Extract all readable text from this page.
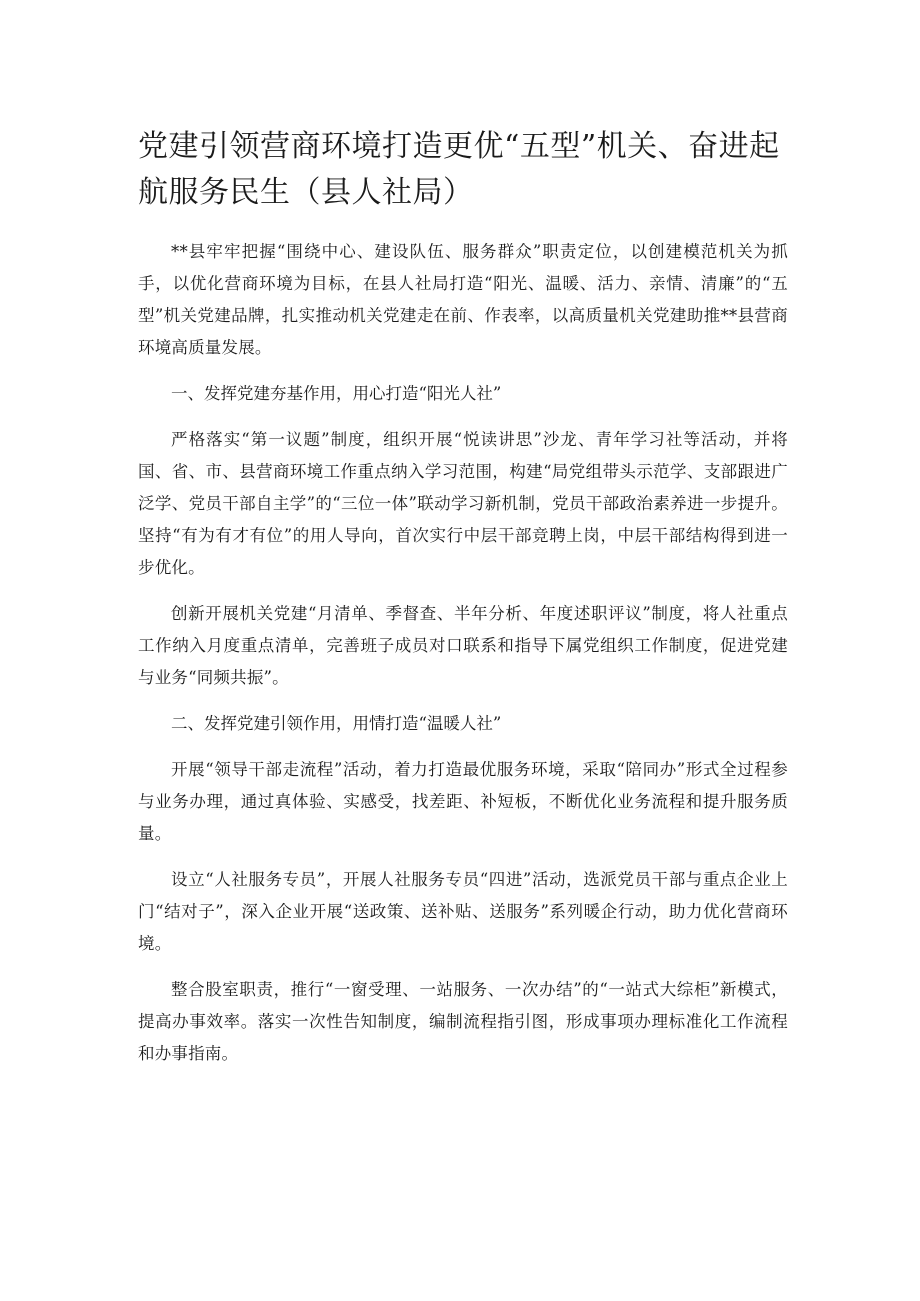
党建引领营商环境打造更优“五型”机关、奋进起航服务民生（县人社局）

**县牢牢把握“围绕中心、建设队伍、服务群众”职责定位，以创建模范机关为抓手，以优化营商环境为目标，在县人社局打造“阳光、温暖、活力、亲情、清廉”的“五型”机关党建品牌，扎实推动机关党建走在前、作表率，以高质量机关党建助推**县营商环境高质量发展。

一、发挥党建夯基作用，用心打造“阳光人社”

严格落实“第一议题”制度，组织开展“悦读讲思”沙龙、青年学习社等活动，并将国、省、市、县营商环境工作重点纳入学习范围，构建“局党组带头示范学、支部跟进广泛学、党员干部自主学”的“三位一体”联动学习新机制，党员干部政治素养进一步提升。坚持“有为有才有位”的用人导向，首次实行中层干部竞聘上岗，中层干部结构得到进一步优化。

创新开展机关党建“月清单、季督查、半年分析、年度述职评议”制度，将人社重点工作纳入月度重点清单，完善班子成员对口联系和指导下属党组织工作制度，促进党建与业务“同频共振”。

二、发挥党建引领作用，用情打造“温暖人社”

开展“领导干部走流程”活动，着力打造最优服务环境，采取“陪同办”形式全过程参与业务办理，通过真体验、实感受，找差距、补短板，不断优化业务流程和提升服务质量。

设立“人社服务专员”，开展人社服务专员“四进”活动，选派党员干部与重点企业上门“结对子”，深入企业开展“送政策、送补贴、送服务”系列暖企行动，助力优化营商环境。

整合股室职责，推行“一窗受理、一站服务、一次办结”的“一站式大综柜”新模式，提高办事效率。落实一次性告知制度，编制流程指引图，形成事项办理标准化工作流程和办事指南。
